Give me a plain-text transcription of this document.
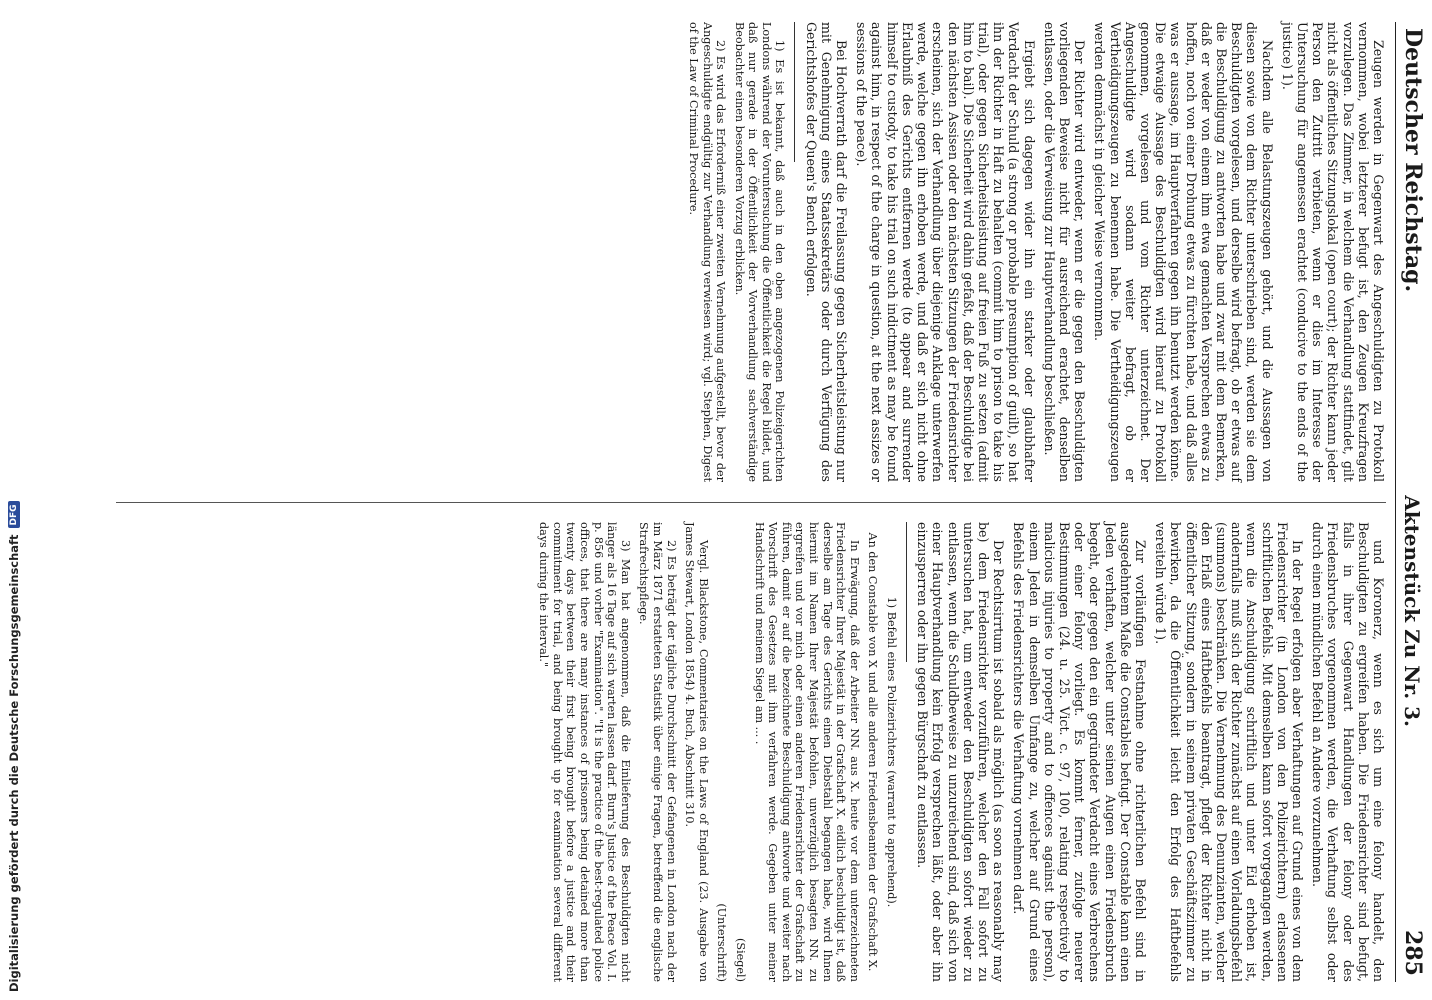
Deutscher Reichstag.
Aktenstück Zu Nr. 3.
285

Zeugen werden in Gegenwart des Angeschuldigten zu Protokoll vernommen, wobei letzterer befugt ist, den Zeugen Kreuzfragen vorzulegen. Das Zimmer, in welchem die Verhandlung stattfindet, gilt nicht als öffentliches Sitzungslokal (open court); der Richter kann jeder Person den Zutritt verbieten, wenn er dies im Interesse der Untersuchung für angemessen erachtet (conducive to the ends of the justice) 1).

Nachdem alle Belastungszeugen gehört, und die Aussagen von diesen sowie von dem Richter unterschrieben sind, werden sie dem Beschuldigten vorgelesen, und derselbe wird befragt, ob er etwas auf die Beschuldigung zu antworten habe und zwar mit dem Bemerken, daß er weder von einem ihm etwa gemachten Versprechen etwas zu hoffen, noch von einer Drohung etwas zu fürchten habe, und daß alles was er aussage, im Hauptverfahren gegen ihn benutzt werden könne. Die etwaige Aussage des Beschuldigten wird hierauf zu Protokoll genommen, vorgelesen und vom Richter unterzeichnet. Der Angeschuldigte wird sodann weiter befragt, ob er Vertheidigungszeugen zu benennen habe. Die Vertheidigungszeugen werden demnächst in gleicher Weise vernommen.

Der Richter wird entweder, wenn er die gegen den Beschuldigten vorliegenden Beweise nicht für ausreichend erachtet, denselben entlassen, oder die Verweisung zur Hauptverhandlung beschließen.

Ergiebt sich dagegen wider ihn ein starker oder glaubhafter Verdacht der Schuld (a strong or probable presumption of guilt), so hat ihn der Richter in Haft zu behalten (commit him to prison to take his trial), oder gegen Sicherheitsleistung auf freien Fuß zu setzen (admit him to bail). Die Sicherheit wird dahin gefaßt, daß der Beschuldigte bei den nächsten Assisen oder den nächsten Sitzungen der Friedensrichter erscheinen, sich der Verhandlung über diejenige Anklage unterwerfen werde, welche gegen ihn erhoben werde, und daß er sich nicht ohne Erlaubniß des Gerichts entfernen werde (to appear and surrender himself to custody, to take his trial on such indictment as may be found against him, in respect of the charge in question, at the next assizes or sessions of the peace).

Bei Hochverrath darf die Freilassung gegen Sicherheitsleistung nur mit Genehmigung eines Staatssekretärs oder durch Verfügung des Gerichtshofes der Queen's Bench erfolgen.

1) Es ist bekannt, daß auch in den oben angezogenen Polizeigerichten Londons während der Voruntersuchung die Öffentlichkeit die Regel bildet, und daß nur gerade in der Öffentlichkeit der Vorverhandlung sachverständige Beobachter einen besonderen Vorzug erblicken.

2) Es wird das Erforderniß einer zweiten Vernehmung aufgestellt, bevor der Angeschuldigte endgültig zur Verhandlung verwiesen wird; vgl. Stephen, Digest of the Law of Criminal Procedure.

und Koronerz, wenn es sich um eine felony handelt, den Beschuldigten zu ergreifen haben. Die Friedensrichter sind befugt, falls in ihrer Gegenwart Handlungen der felony oder des Friedensbruches vorgenommen werden, die Verhaftung selbst oder durch einen mündlichen Befehl an Andere vorzunehmen.

In der Regel erfolgen aber Verhaftungen auf Grund eines von dem Friedensrichter (in London von den Polizeirichtern) erlassenen schriftlichen Befehls. Mit demselben kann sofort vorgegangen werden, wenn die Anschuldigung schriftlich und unter Eid erhoben ist, andernfalls muß sich der Richter zunächst auf einen Vorladungsbefehl (summons) beschränken. Die Vernehmung des Denunzianten, welcher den Erlaß eines Haftbefehls beantragt, pflegt der Richter nicht in öffentlicher Sitzung, sondern in seinem privaten Geschäftszimmer zu bewirken, da die Öffentlichkeit leicht den Erfolg des Haftbefehls vereiteln würde 1).

Zur vorläufigen Festnahme ohne richterlichen Befehl sind in ausgedehntem Maße die Constables befugt. Der Constable kann einen Jeden verhaften, welcher unter seinen Augen einen Friedensbruch begeht, oder gegen den ein gegründeter Verdacht eines Verbrechens oder einer felony vorliegt. Es kommt ferner, zufolge neuerer Bestimmungen (24. u. 25. Vict. c. 97, 100, relating respectively to malicious injuries to property and to offences against the person), einem Jeden in demselben Umfange zu, welcher auf Grund eines Befehls des Friedensrichters die Verhaftung vornehmen darf.

Der Rechtsirrtum ist sobald als möglich (as soon as reasonably may be) dem Friedensrichter vorzuführen, welcher den Fall sofort zu untersuchen hat, um entweder den Beschuldigten sofort wieder zu entlassen, wenn die Schuldbeweise zu unzureichend sind, daß sich von einer Hauptverhandlung kein Erfolg versprechen läßt, oder aber ihn einzusperren oder ihn gegen Bürgschaft zu entlassen.

1) Befehl eines Polizeirichters (warrant to apprehend).

An den Constable von X und alle anderen Friedensbeamten der Grafschaft X.

In Erwägung, daß der Arbeiter NN. aus X. heute vor dem unterzeichneten Friedensrichter Ihrer Majestät in der Grafschaft X. eidlich beschuldigt ist, daß derselbe am Tage des Gerichts einen Diebstahl begangen habe, wird Ihnen hiermit im Namen Ihrer Majestät befohlen, unverzüglich besagten NN. zu ergreifen und vor mich oder einen anderen Friedensrichter der Grafschaft zu führen, damit er auf die bezeichnete Beschuldigung antworte und weiter nach Vorschrift des Gesetzes mit ihm verfahren werde. Gegeben unter meiner Handschrift und meinem Siegel am ... .

(Siegel)

(Unterschrift)

Vergl. Blackstone, Commentaries on the Laws of England (23. Ausgabe von James Stewart, London 1854) 4. Buch, Abschnitt 310.

2) Es beträgt der tägliche Durchschnitt der Gefangenen in London nach der im März 1871 erstatteten Statistik über einige Fragen, betreffend die englische Strafrechtspflege.

3) Man hat angenommen, daß die Einlieferung des Beschuldigten nicht länger als 16 Tage auf sich warten lassen darf. Burn's Justice of the Peace Vol. I. p. 856 und vorher "Examination". "It is the practice of the best-regulated police offices, that there are many instances of prisoners being detained more than twenty days between their first being brought before a justice and their commitment for trial, and being brought up for examination several different days during the interval."

Digitalisierung gefördert durch die Deutsche Forschungsgemeinschaft
DFG
